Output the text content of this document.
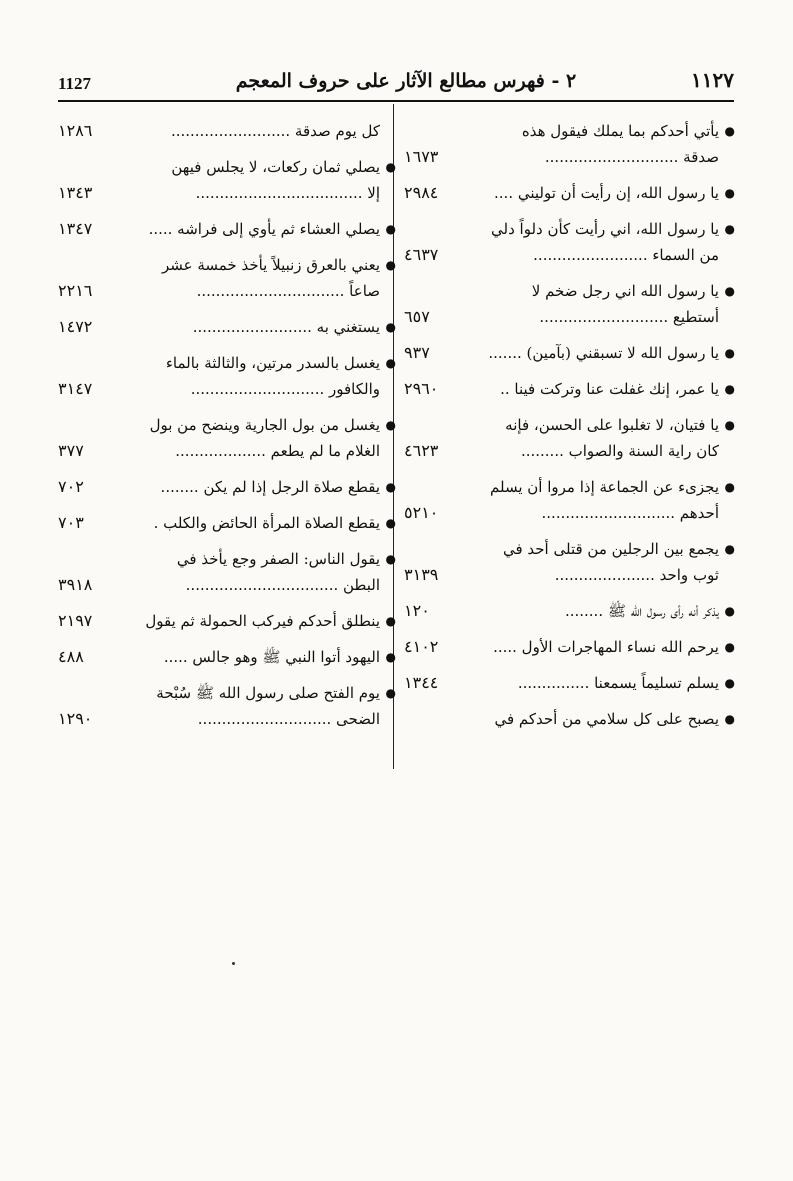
1127	٢ - فهرس مطالع الآثار على حروف المعجم	١١٢٧
●
يأتي أحدكم بما يملك فيقول هذه
صدقة ............................
١٦٧٣
●
يا رسول الله، إن رأيت أن توليني ....
٢٩٨٤
●
يا رسول الله، اني رأيت كأن دلواً دلي
من السماء ........................
٤٦٣٧
●
يا رسول الله اني رجل ضخم لا
أستطيع ...........................
٦٥٧
●
يا رسول الله لا تسبقني (بآمين) .......
٩٣٧
●
يا عمر، إنك غفلت عنا وتركت فينا ..
٢٩٦٠
●
يا فتيان، لا تغلبوا على الحسن، فإنه
كان راية السنة والصواب .........
٤٦٢٣
●
يجزىء عن الجماعة إذا مروا أن يسلم
أحدهم ............................
٥٢١٠
●
يجمع بين الرجلين من قتلى أحد في
ثوب واحد .....................
٣١٣٩
●
يذكر أنه رأى رسول الله ﷺ ........
١٢٠
●
يرحم الله نساء المهاجرات الأول .....
٤١٠٢
●
يسلم تسليماً يسمعنا ...............
١٣٤٤
●
يصبح على كل سلامي من أحدكم في
كل يوم صدقة .........................
١٢٨٦
●
يصلي ثمان ركعات، لا يجلس فيهن
إلا ...................................
١٣٤٣
●
يصلي العشاء ثم يأوي إلى فراشه .....
١٣٤٧
●
يعني بالعرق زنبيلاً يأخذ خمسة عشر
صاعاً ...............................
٢٢١٦
●
يستغني به .........................
١٤٧٢
●
يغسل بالسدر مرتين، والثالثة بالماء
والكافور ............................
٣١٤٧
●
يغسل من بول الجارية وينضح من بول
الغلام ما لم يطعم ...................
٣٧٧
●
يقطع صلاة الرجل إذا لم يكن ........
٧٠٢
●
يقطع الصلاة المرأة الحائض والكلب .
٧٠٣
●
يقول الناس: الصفر وجع يأخذ في
البطن ................................
٣٩١٨
●
ينطلق أحدكم فيركب الحمولة ثم يقول
٢١٩٧
●
اليهود أتوا النبي ﷺ وهو جالس .....
٤٨٨
●
يوم الفتح صلى رسول الله ﷺ سُبْحة
الضحى ............................
١٢٩٠
